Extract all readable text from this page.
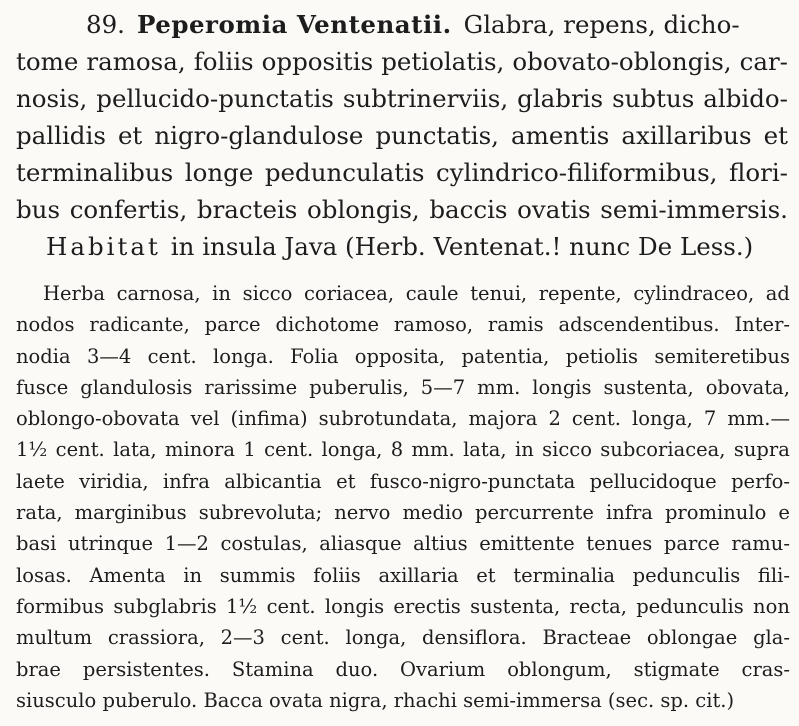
89. Peperomia Ventenatii. Glabra, repens, dicho-
tome ramosa, foliis oppositis petiolatis, obovato-oblongis, car-
nosis, pellucido-punctatis subtrinerviis, glabris subtus albido-
pallidis et nigro-glandulose punctatis, amentis axillaribus et
terminalibus longe pedunculatis cylindrico-filiformibus, flori-
bus confertis, bracteis oblongis, baccis ovatis semi-immersis.
Habitat in insula Java (Herb. Ventenat.! nunc De Less.)
Herba carnosa, in sicco coriacea, caule tenui, repente, cylindraceo, ad
nodos radicante, parce dichotome ramoso, ramis adscendentibus. Inter-
nodia 3—4 cent. longa. Folia opposita, patentia, petiolis semiteretibus
fusce glandulosis rarissime puberulis, 5—7 mm. longis sustenta, obovata,
oblongo-obovata vel (infima) subrotundata, majora 2 cent. longa, 7 mm.—
1½ cent. lata, minora 1 cent. longa, 8 mm. lata, in sicco subcoriacea, supra
laete viridia, infra albicantia et fusco-nigro-punctata pellucidoque perfo-
rata, marginibus subrevoluta; nervo medio percurrente infra prominulo e
basi utrinque 1—2 costulas, aliasque altius emittente tenues parce ramu-
losas. Amenta in summis foliis axillaria et terminalia pedunculis fili-
formibus subglabris 1½ cent. longis erectis sustenta, recta, pedunculis non
multum crassiora, 2—3 cent. longa, densiflora. Bracteae oblongae gla-
brae persistentes. Stamina duo. Ovarium oblongum, stigmate cras-
siusculo puberulo. Bacca ovata nigra, rhachi semi-immersa (sec. sp. cit.)
